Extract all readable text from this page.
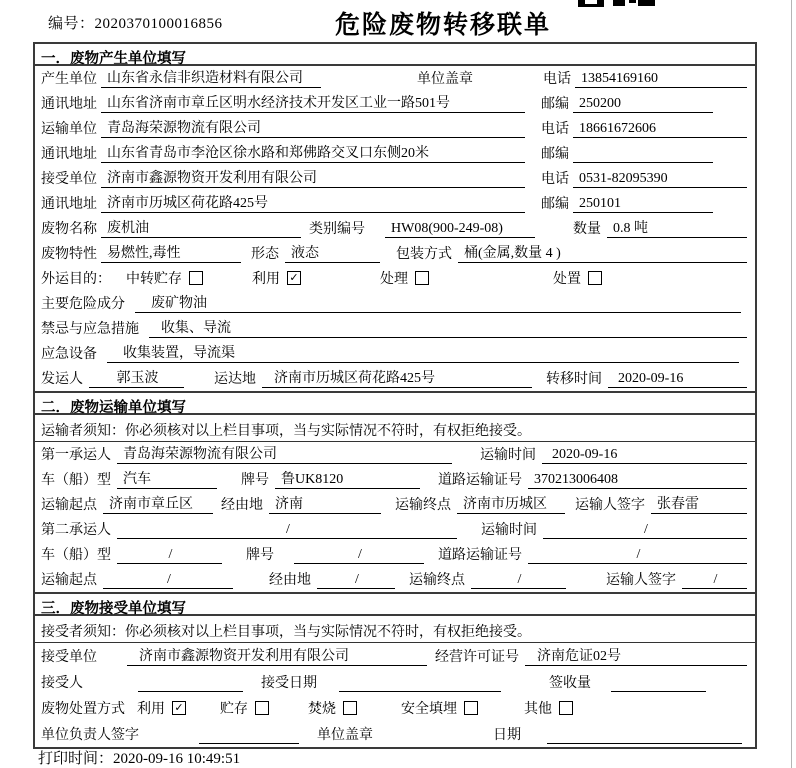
编号：2020370100016856	危险废物转移联单
一．废物产生单位填写
产生单位 山东省永信非织造材料有限公司	单位盖章	电话 13854169160
通讯地址 山东省济南市章丘区明水经济技术开发区工业一路501号	邮编 250200
运输单位 青岛海荣源物流有限公司	电话 18661672606
通讯地址 山东省青岛市李沧区徐水路和郑佛路交叉口东侧20米	邮编
接受单位 济南市鑫源物资开发利用有限公司	电话 0531-82095390
通讯地址 济南市历城区荷花路425号	邮编 250101
废物名称 废机油	类别编号	HW08(900-249-08)	数量 0.8 吨
废物特性 易燃性,毒性	形态 液态	包装方式 桶(金属,数量 4 )
外运目的： 中转贮存	利用 ✓	处理	处置
主要危险成分	废矿物油
禁忌与应急措施	收集、导流
应急设备	收集装置，导流渠
发运人	郭玉波	运达地	济南市历城区荷花路425号	转移时间	2020-09-16
二．废物运输单位填写
运输者须知：你必须核对以上栏目事项，当与实际情况不符时，有权拒绝接受。
第一承运人 青岛海荣源物流有限公司	运输时间	2020-09-16
车（船）型 汽车	牌号 鲁UK8120	道路运输证号 370213006408
运输起点 济南市章丘区	经由地 济南	运输终点 济南市历城区	运输人签字 张春雷
第二承运人	/	运输时间	/
车（船）型	/	牌号	/	道路运输证号	/
运输起点	/	经由地	/	运输终点	/	运输人签字	/
三．废物接受单位填写
接受者须知：你必须核对以上栏目事项，当与实际情况不符时，有权拒绝接受。
接受单位	济南市鑫源物资开发利用有限公司	经营许可证号	济南危证02号
接受人	接受日期	签收量
废物处置方式 利用 ✓	贮存	焚烧	安全填埋	其他
单位负责人签字	单位盖章	日期
打印时间：2020-09-16 10:49:51
